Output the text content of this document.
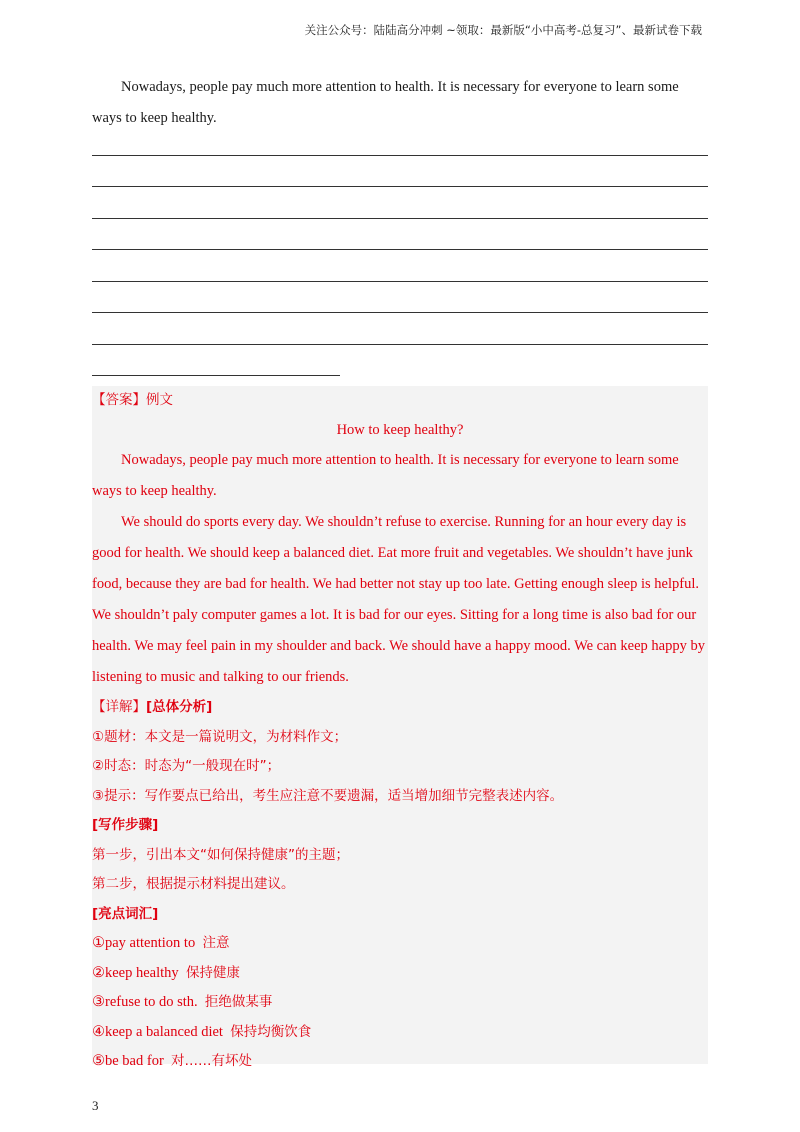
关注公众号：陆陆高分冲刺 ~领取：最新版“小中高考-总复习”、最新试卷下载
Nowadays, people pay much more attention to health. It is necessary for everyone to learn some ways to keep healthy.
【答案】例文
How to keep healthy?
Nowadays, people pay much more attention to health. It is necessary for everyone to learn some ways to keep healthy.
We should do sports every day. We shouldn’t refuse to exercise. Running for an hour every day is good for health. We should keep a balanced diet. Eat more fruit and vegetables. We shouldn’t have junk food, because they are bad for health. We had better not stay up too late. Getting enough sleep is helpful. We shouldn’t paly computer games a lot. It is bad for our eyes. Sitting for a long time is also bad for our health. We may feel pain in my shoulder and back. We should have a happy mood. We can keep happy by listening to music and talking to our friends.
【详解】[总体分析]
①题材：本文是一篇说明文，为材料作文；
②时态：时态为“一般现在时”；
③提示：写作要点已给出，考生应注意不要遗漏，适当增加细节完整表述内容。
[写作步骤]
第一步，引出本文“如何保持健康”的主题；
第二步，根据提示材料提出建议。
[亮点词汇]
①pay attention to 注意
②keep healthy 保持健康
③refuse to do sth. 拒绝做某事
④keep a balanced diet 保持均衡饮食
⑤be bad for 对……有坏处
3
